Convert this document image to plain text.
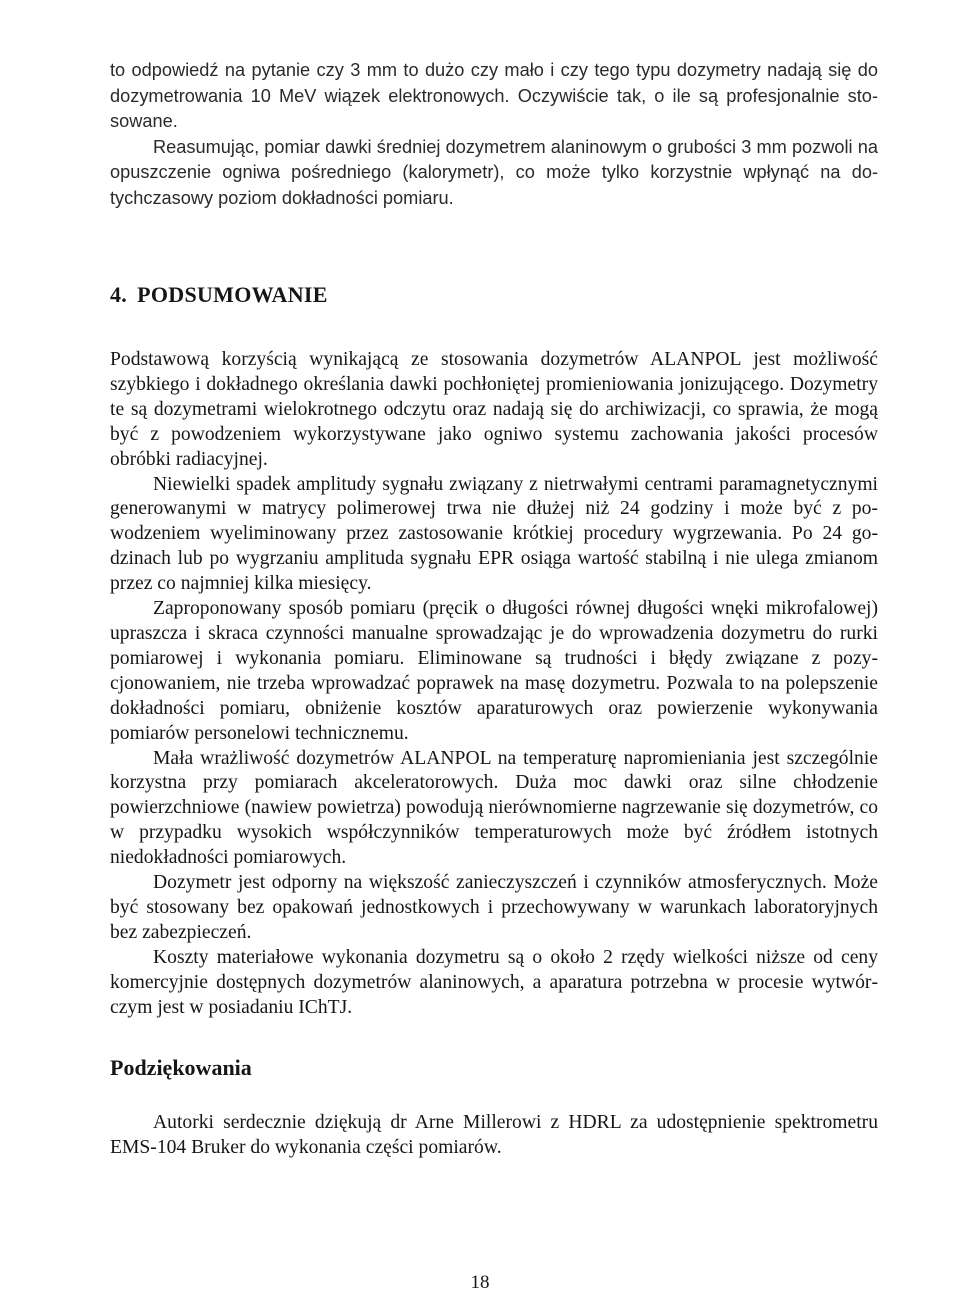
to odpowiedź na pytanie czy 3 mm to dużo czy mało i czy tego typu dozymetry nadają się do dozymetrowania 10 MeV wiązek elektronowych. Oczywiście tak, o ile są profesjonalnie stosowane.

Reasumując, pomiar dawki średniej dozymetrem alaninowym o grubości 3 mm pozwoli na opuszczenie ogniwa pośredniego (kalorymetr), co może tylko korzystnie wpłynąć na dotychczasowy poziom dokładności pomiaru.

4. PODSUMOWANIE

Podstawową korzyścią wynikającą ze stosowania dozymetrów ALANPOL jest możliwość szybkiego i dokładnego określania dawki pochłoniętej promieniowania jonizującego. Dozymetry te są dozymetrami wielokrotnego odczytu oraz nadają się do archiwizacji, co sprawia, że mogą być z powodzeniem wykorzystywane jako ogniwo systemu zachowania jakości procesów obróbki radiacyjnej.

Niewielki spadek amplitudy sygnału związany z nietrwałymi centrami paramagnetycznymi generowanymi w matrycy polimerowej trwa nie dłużej niż 24 godziny i może być z powodzeniem wyeliminowany przez zastosowanie krótkiej procedury wygrzewania. Po 24 godzinach lub po wygrzaniu amplituda sygnału EPR osiąga wartość stabilną i nie ulega zmianom przez co najmniej kilka miesięcy.

Zaproponowany sposób pomiaru (pręcik o długości równej długości wnęki mikrofalowej) upraszcza i skraca czynności manualne sprowadzając je do wprowadzenia dozymetru do rurki pomiarowej i wykonania pomiaru. Eliminowane są trudności i błędy związane z pozycjonowaniem, nie trzeba wprowadzać poprawek na masę dozymetru. Pozwala to na polepszenie dokładności pomiaru, obniżenie kosztów aparaturowych oraz powierzenie wykonywania pomiarów personelowi technicznemu.

Mała wrażliwość dozymetrów ALANPOL na temperaturę napromieniania jest szczególnie korzystna przy pomiarach akceleratorowych. Duża moc dawki oraz silne chłodzenie powierzchniowe (nawiew powietrza) powodują nierównomierne nagrzewanie się dozymetrów, co w przypadku wysokich współczynników temperaturowych może być źródłem istotnych niedokładności pomiarowych.

Dozymetr jest odporny na większość zanieczyszczeń i czynników atmosferycznych. Może być stosowany bez opakowań jednostkowych i przechowywany w warunkach laboratoryjnych bez zabezpieczeń.

Koszty materiałowe wykonania dozymetru są o około 2 rzędy wielkości niższe od ceny komercyjnie dostępnych dozymetrów alaninowych, a aparatura potrzebna w procesie wytwórczym jest w posiadaniu IChTJ.

Podziękowania

Autorki serdecznie dziękują dr Arne Millerowi z HDRL za udostępnienie spektrometru EMS-104 Bruker do wykonania części pomiarów.

18
